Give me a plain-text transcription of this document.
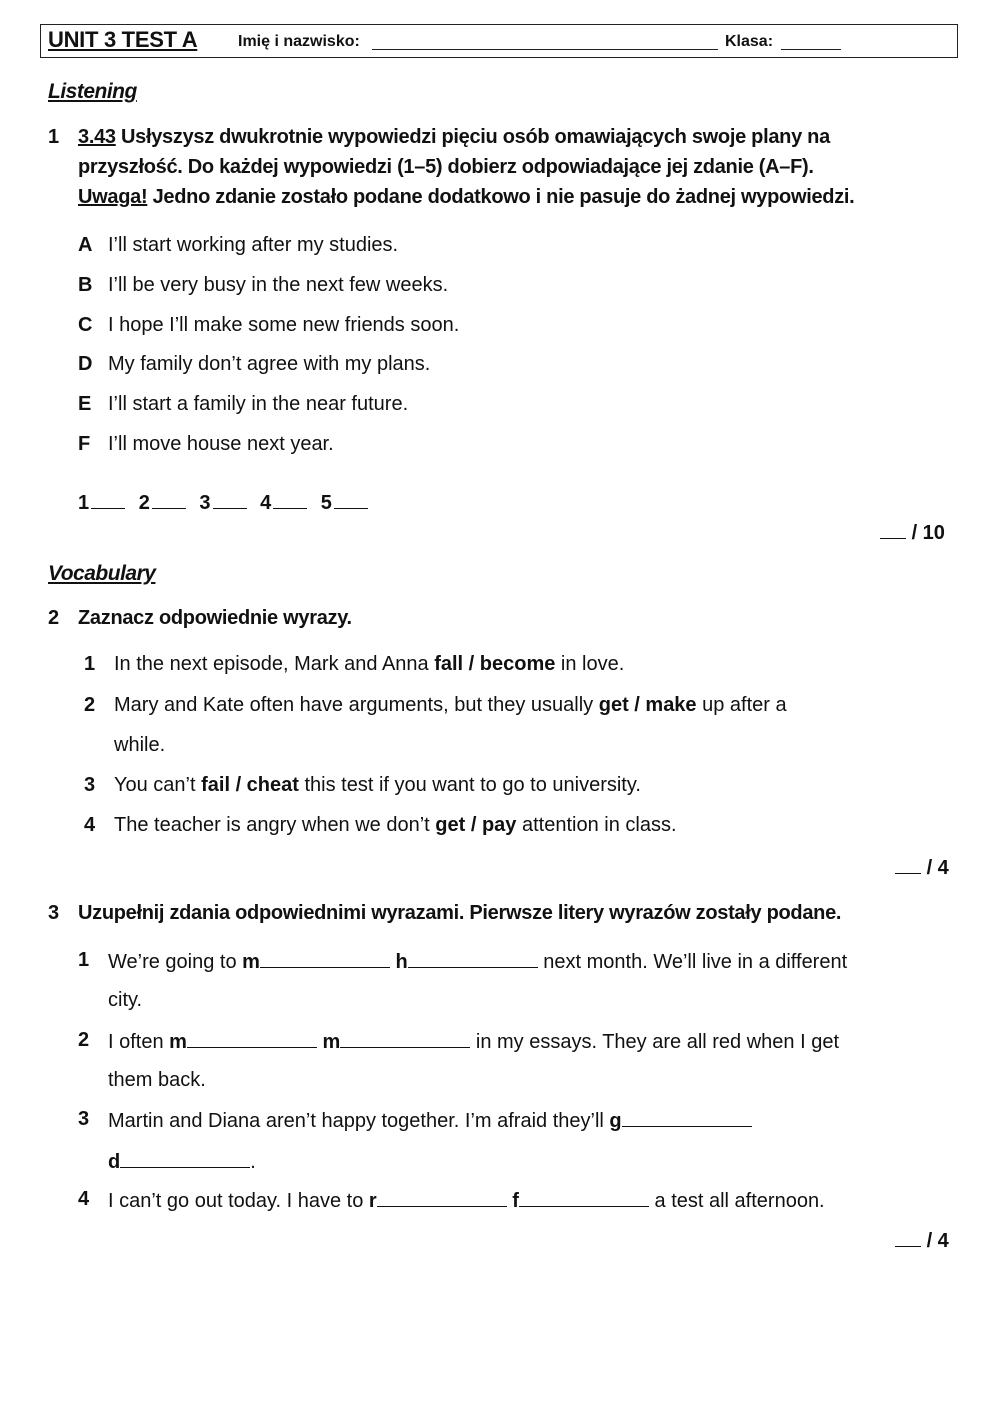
UNIT 3 TEST A	Imię i nazwisko:	Klasa:
Listening
1 3.43 Usłyszysz dwukrotnie wypowiedzi pięciu osób omawiających swoje plany na
przyszłość. Do każdej wypowiedzi (1–5) dobierz odpowiadające jej zdanie (A–F).
Uwaga! Jedno zdanie zostało podane dodatkowo i nie pasuje do żadnej wypowiedzi.
A I’ll start working after my studies.
B I’ll be very busy in the next few weeks.
C I hope I’ll make some new friends soon.
D My family don’t agree with my plans.
E I’ll start a family in the near future.
F I’ll move house next year.
1 2 3 4 5
/ 10
Vocabulary
2 Zaznacz odpowiednie wyrazy.
1 In the next episode, Mark and Anna fall / become in love.
2 Mary and Kate often have arguments, but they usually get / make up after a
while.
3 You can’t fail / cheat this test if you want to go to university.
4 The teacher is angry when we don’t get / pay attention in class.
/ 4
3 Uzupełnij zdania odpowiednimi wyrazami. Pierwsze litery wyrazów zostały podane.
1 We’re going to m	h	next month. We’ll live in a different
city.
2 I often m	m	in my essays. They are all red when I get
them back.
3 Martin and Diana aren’t happy together. I’m afraid they’ll g
d	.
4 I can’t go out today. I have to r	f	a test all afternoon.
/ 4
